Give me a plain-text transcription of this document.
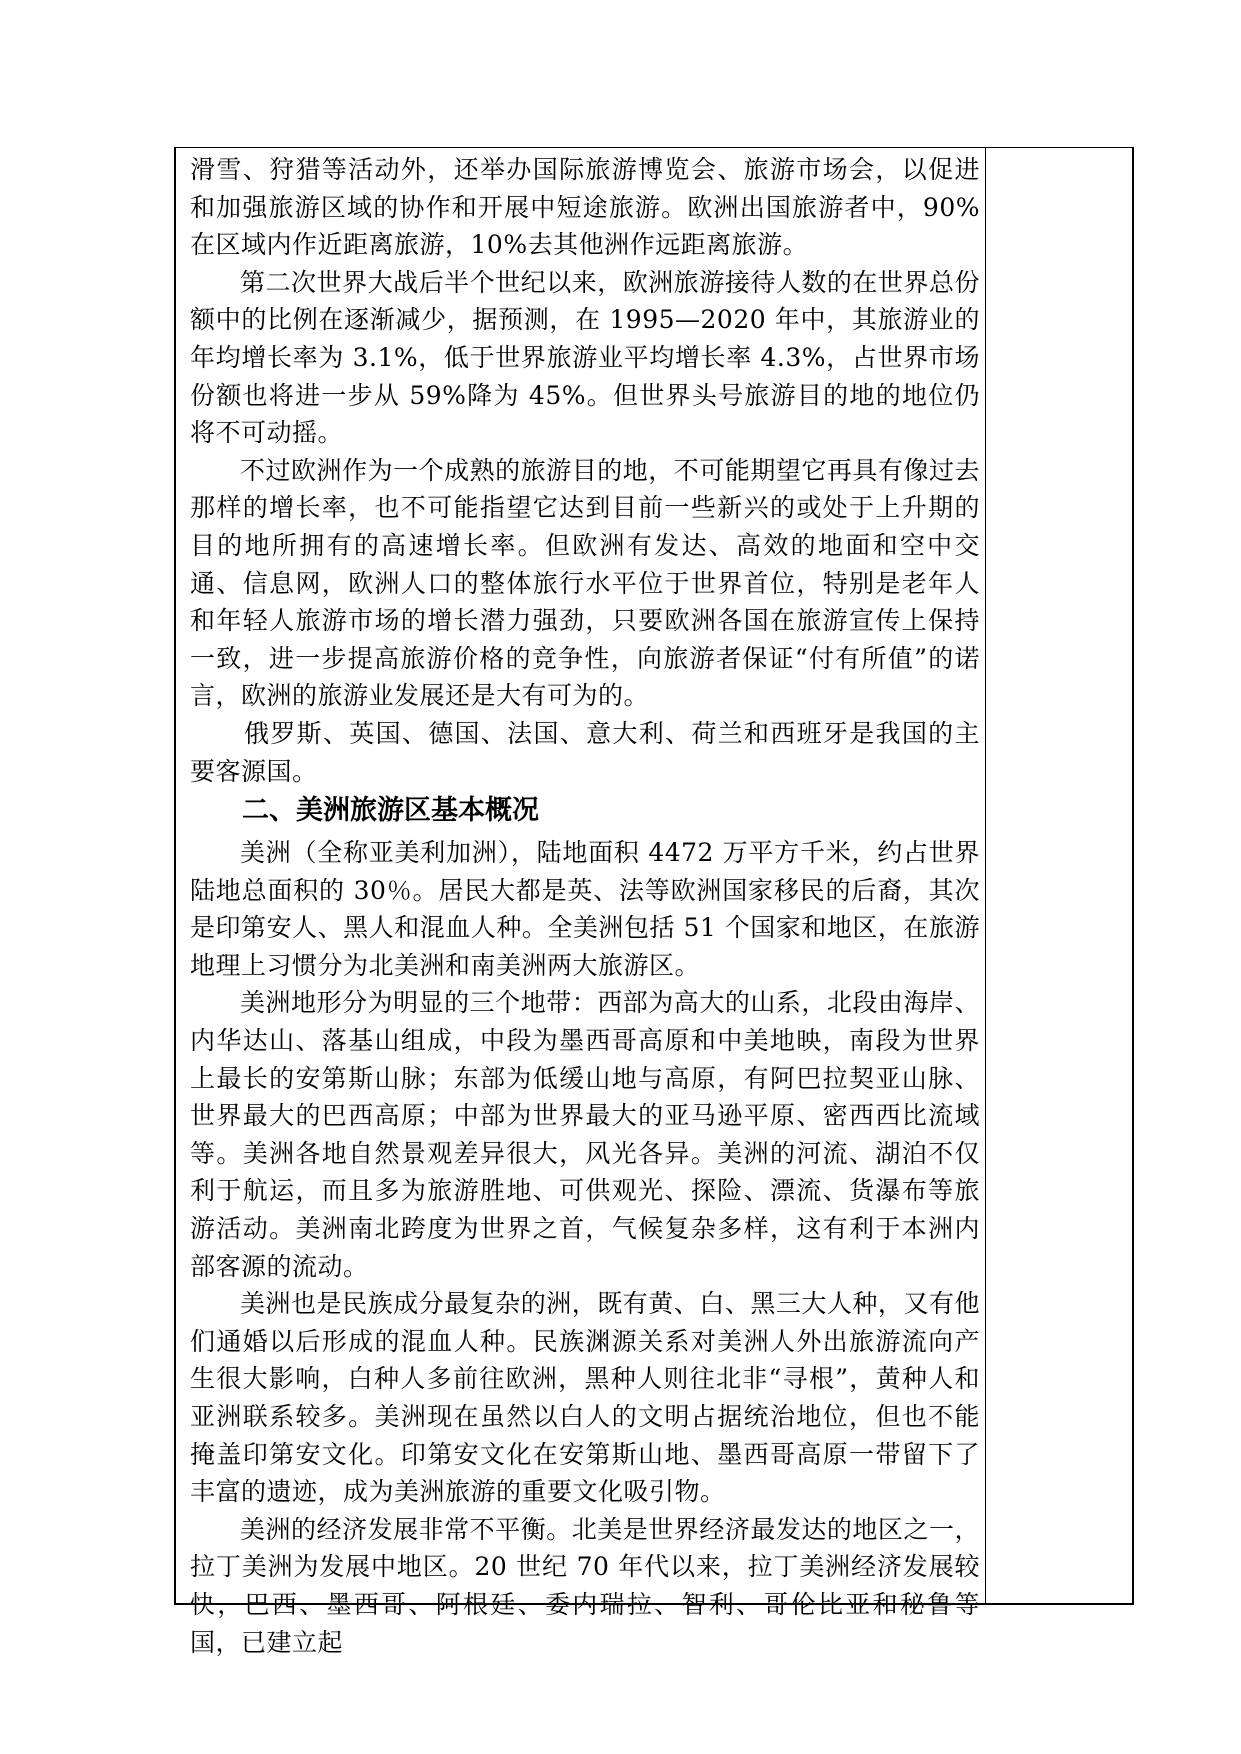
滑雪、狩猎等活动外，还举办国际旅游博览会、旅游市场会，以促进和加强旅游区域的协作和开展中短途旅游。欧洲出国旅游者中，90%在区域内作近距离旅游，10%去其他洲作远距离旅游。

第二次世界大战后半个世纪以来，欧洲旅游接待人数的在世界总份额中的比例在逐渐减少，据预测，在 1995—2020 年中，其旅游业的年均增长率为 3.1%，低于世界旅游业平均增长率 4.3%，占世界市场份额也将进一步从 59%降为 45%。但世界头号旅游目的地的地位仍将不可动摇。

不过欧洲作为一个成熟的旅游目的地，不可能期望它再具有像过去那样的增长率，也不可能指望它达到目前一些新兴的或处于上升期的目的地所拥有的高速增长率。但欧洲有发达、高效的地面和空中交通、信息网，欧洲人口的整体旅行水平位于世界首位，特别是老年人和年轻人旅游市场的增长潜力强劲，只要欧洲各国在旅游宣传上保持一致，进一步提高旅游价格的竞争性，向旅游者保证“付有所值”的诺言，欧洲的旅游业发展还是大有可为的。

俄罗斯、英国、德国、法国、意大利、荷兰和西班牙是我国的主要客源国。

二、美洲旅游区基本概况

美洲（全称亚美利加洲），陆地面积 4472 万平方千米，约占世界陆地总面积的 30％。居民大都是英、法等欧洲国家移民的后裔，其次是印第安人、黑人和混血人种。全美洲包括 51 个国家和地区，在旅游地理上习惯分为北美洲和南美洲两大旅游区。

美洲地形分为明显的三个地带：西部为高大的山系，北段由海岸、内华达山、落基山组成，中段为墨西哥高原和中美地映，南段为世界上最长的安第斯山脉；东部为低缓山地与高原，有阿巴拉契亚山脉、世界最大的巴西高原；中部为世界最大的亚马逊平原、密西西比流域等。美洲各地自然景观差异很大，风光各异。美洲的河流、湖泊不仅利于航运，而且多为旅游胜地、可供观光、探险、漂流、货瀑布等旅游活动。美洲南北跨度为世界之首，气候复杂多样，这有利于本洲内部客源的流动。

美洲也是民族成分最复杂的洲，既有黄、白、黑三大人种，又有他们通婚以后形成的混血人种。民族渊源关系对美洲人外出旅游流向产生很大影响，白种人多前往欧洲，黑种人则往北非“寻根”，黄种人和亚洲联系较多。美洲现在虽然以白人的文明占据统治地位，但也不能掩盖印第安文化。印第安文化在安第斯山地、墨西哥高原一带留下了丰富的遗迹，成为美洲旅游的重要文化吸引物。

美洲的经济发展非常不平衡。北美是世界经济最发达的地区之一，拉丁美洲为发展中地区。20 世纪 70 年代以来，拉丁美洲经济发展较快，巴西、墨西哥、阿根廷、委内瑞拉、智利、哥伦比亚和秘鲁等国，已建立起
